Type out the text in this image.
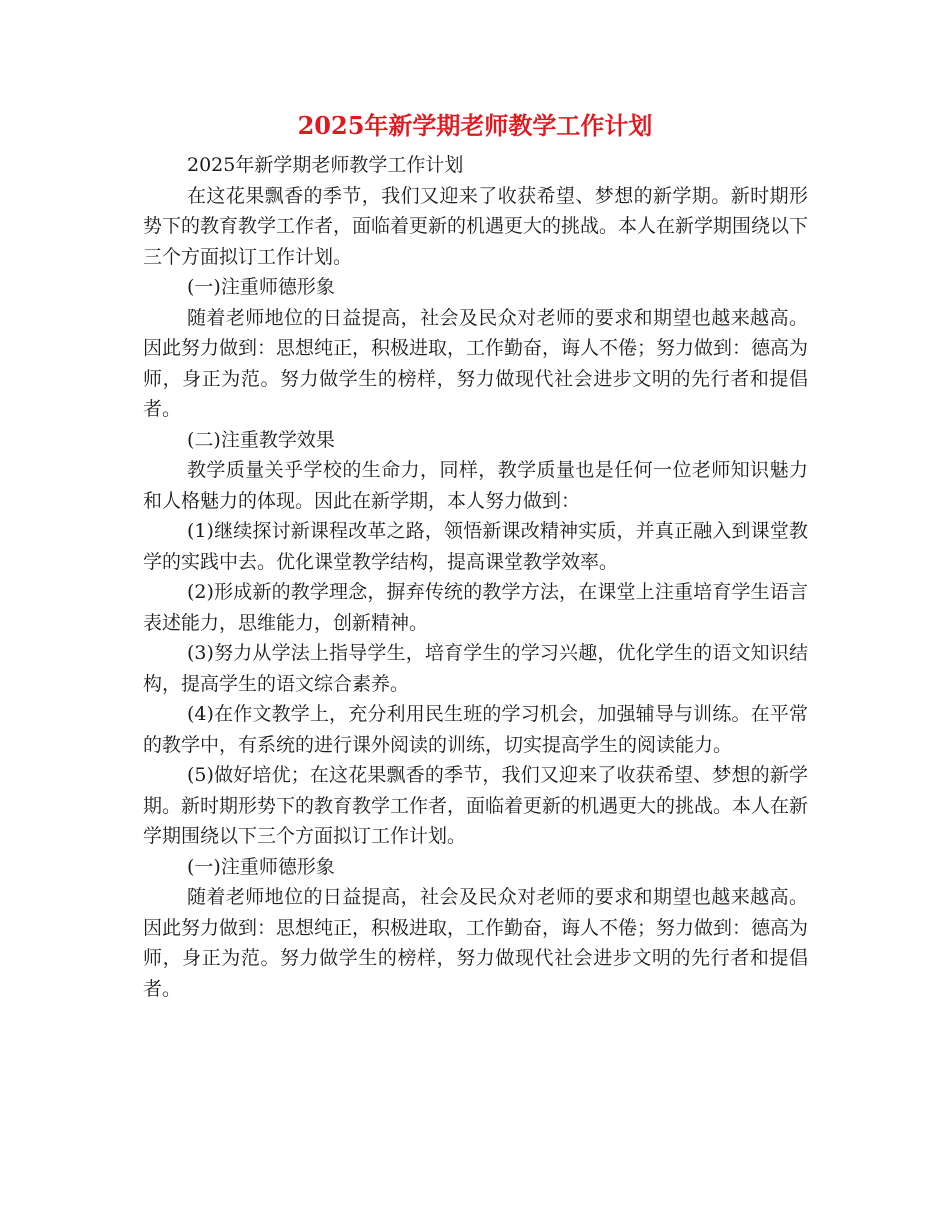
2025年新学期老师教学工作计划

2025年新学期老师教学工作计划

在这花果飘香的季节，我们又迎来了收获希望、梦想的新学期。新时期形势下的教育教学工作者，面临着更新的机遇更大的挑战。本人在新学期围绕以下三个方面拟订工作计划。

(一)注重师德形象

随着老师地位的日益提高，社会及民众对老师的要求和期望也越来越高。因此努力做到：思想纯正，积极进取，工作勤奋，诲人不倦；努力做到：德高为师，身正为范。努力做学生的榜样，努力做现代社会进步文明的先行者和提倡者。

(二)注重教学效果

教学质量关乎学校的生命力，同样，教学质量也是任何一位老师知识魅力和人格魅力的体现。因此在新学期，本人努力做到：

(1)继续探讨新课程改革之路，领悟新课改精神实质，并真正融入到课堂教学的实践中去。优化课堂教学结构，提高课堂教学效率。

(2)形成新的教学理念，摒弃传统的教学方法，在课堂上注重培育学生语言表述能力，思维能力，创新精神。

(3)努力从学法上指导学生，培育学生的学习兴趣，优化学生的语文知识结构，提高学生的语文综合素养。

(4)在作文教学上，充分利用民生班的学习机会，加强辅导与训练。在平常的教学中，有系统的进行课外阅读的训练，切实提高学生的阅读能力。

(5)做好培优；在这花果飘香的季节，我们又迎来了收获希望、梦想的新学期。新时期形势下的教育教学工作者，面临着更新的机遇更大的挑战。本人在新学期围绕以下三个方面拟订工作计划。

(一)注重师德形象

随着老师地位的日益提高，社会及民众对老师的要求和期望也越来越高。因此努力做到：思想纯正，积极进取，工作勤奋，诲人不倦；努力做到：德高为师，身正为范。努力做学生的榜样，努力做现代社会进步文明的先行者和提倡者。
